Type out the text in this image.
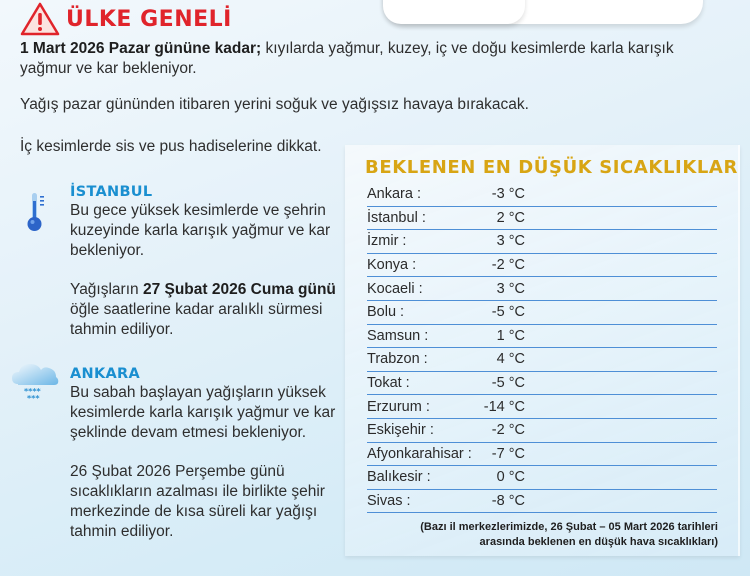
ÜLKE GENELİ

1 Mart 2026 Pazar gününe kadar; kıyılarda yağmur, kuzey, iç ve doğu kesimlerde karla karışık yağmur ve kar bekleniyor.

Yağış pazar gününden itibaren yerini soğuk ve yağışsız havaya bırakacak.

İç kesimlerde sis ve pus hadiselerine dikkat.

İSTANBUL

Bu gece yüksek kesimlerde ve şehrin kuzeyinde karla karışık yağmur ve kar bekleniyor.

Yağışların 27 Şubat 2026 Cuma günü öğle saatlerine kadar aralıklı sürmesi tahmin ediliyor.

****
***
ANKARA

Bu sabah başlayan yağışların yüksek kesimlerde karla karışık yağmur ve kar şeklinde devam etmesi bekleniyor.

26 Şubat 2026 Perşembe günü sıcaklıkların azalması ile birlikte şehir merkezinde de kısa süreli kar yağışı tahmin ediliyor.

BEKLENEN EN DÜŞÜK SICAKLIKLAR
Ankara :	-3 °C
İstanbul :	2 °C
İzmir :	3 °C
Konya :	-2 °C
Kocaeli :	3 °C
Bolu :	-5 °C
Samsun :	1 °C
Trabzon :	4 °C
Tokat :	-5 °C
Erzurum :	-14 °C
Eskişehir :	-2 °C
Afyonkarahisar :	-7 °C
Balıkesir :	0 °C
Sivas :	-8 °C
(Bazı il merkezlerimizde, 26 Şubat – 05 Mart 2026 tarihleri
arasında beklenen en düşük hava sıcaklıkları)
